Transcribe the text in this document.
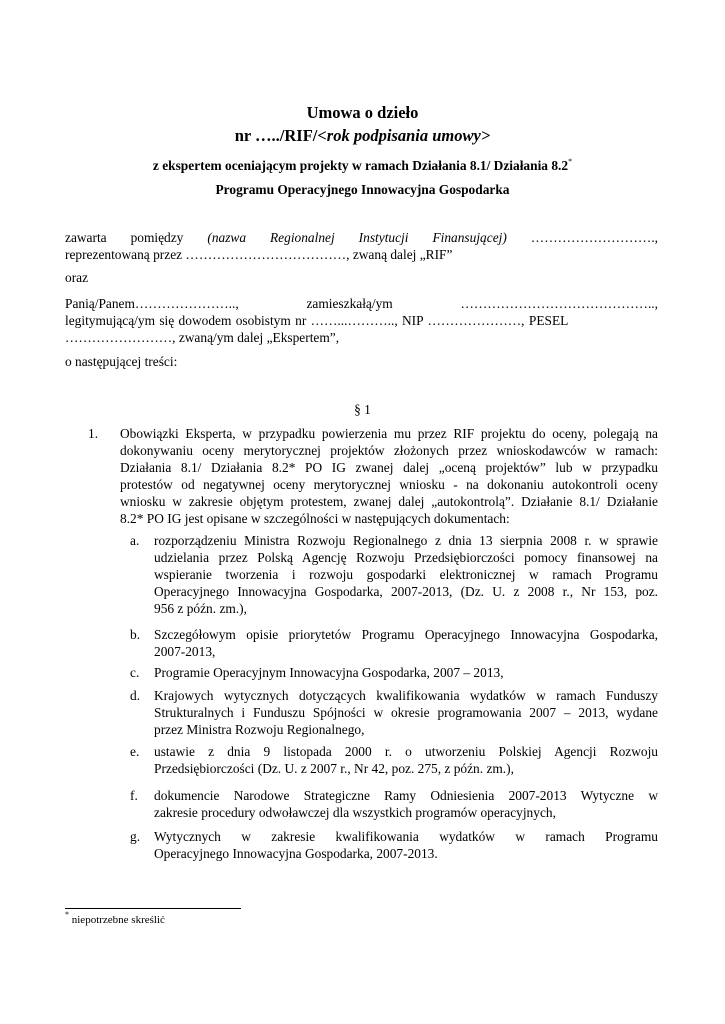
Umowa o dzieło
nr …../RIF/<rok podpisania umowy>
z ekspertem oceniającym projekty w ramach Działania 8.1/ Działania 8.2*
Programu Operacyjnego Innowacyjna Gospodarka
zawarta pomiędzy (nazwa Regionalnej Instytucji Finansującej) ……………………….,
reprezentowaną przez ………………………………, zwaną dalej „RIF”
oraz
Panią/Panem…………………..,	zamieszkałą/ym	……………………………………..,
legitymującą/ym się dowodem osobistym nr ……...……….., NIP …………………, PESEL
……………………, zwaną/ym dalej „Ekspertem”,
o następującej treści:
§ 1
1. Obowiązki Eksperta, w przypadku powierzenia mu przez RIF projektu do oceny, polegają na
dokonywaniu oceny merytorycznej projektów złożonych przez wnioskodawców w ramach:
Działania 8.1/ Działania 8.2* PO IG zwanej dalej „oceną projektów” lub w przypadku
protestów od negatywnej oceny merytorycznej wniosku - na dokonaniu autokontroli oceny
wniosku w zakresie objętym protestem, zwanej dalej „autokontrolą”. Działanie 8.1/ Działanie
8.2* PO IG jest opisane w szczególności w następujących dokumentach:
a. rozporządzeniu Ministra Rozwoju Regionalnego z dnia 13 sierpnia 2008 r. w sprawie
udzielania przez Polską Agencję Rozwoju Przedsiębiorczości pomocy finansowej na
wspieranie tworzenia i rozwoju gospodarki elektronicznej w ramach Programu
Operacyjnego Innowacyjna Gospodarka, 2007-2013, (Dz. U. z 2008 r., Nr 153, poz.
956 z późn. zm.),
b. Szczegółowym opisie priorytetów Programu Operacyjnego Innowacyjna Gospodarka,
2007-2013,
c. Programie Operacyjnym Innowacyjna Gospodarka, 2007 – 2013,
d. Krajowych wytycznych dotyczących kwalifikowania wydatków w ramach Funduszy
Strukturalnych i Funduszu Spójności w okresie programowania 2007 – 2013, wydane
przez Ministra Rozwoju Regionalnego,
e. ustawie z dnia 9 listopada 2000 r. o utworzeniu Polskiej Agencji Rozwoju
Przedsiębiorczości (Dz. U. z 2007 r., Nr 42, poz. 275, z późn. zm.),
f. dokumencie Narodowe Strategiczne Ramy Odniesienia 2007-2013 Wytyczne w
zakresie procedury odwoławczej dla wszystkich programów operacyjnych,
g. Wytycznych w zakresie kwalifikowania wydatków w ramach Programu
Operacyjnego Innowacyjna Gospodarka, 2007-2013.
* niepotrzebne skreślić
